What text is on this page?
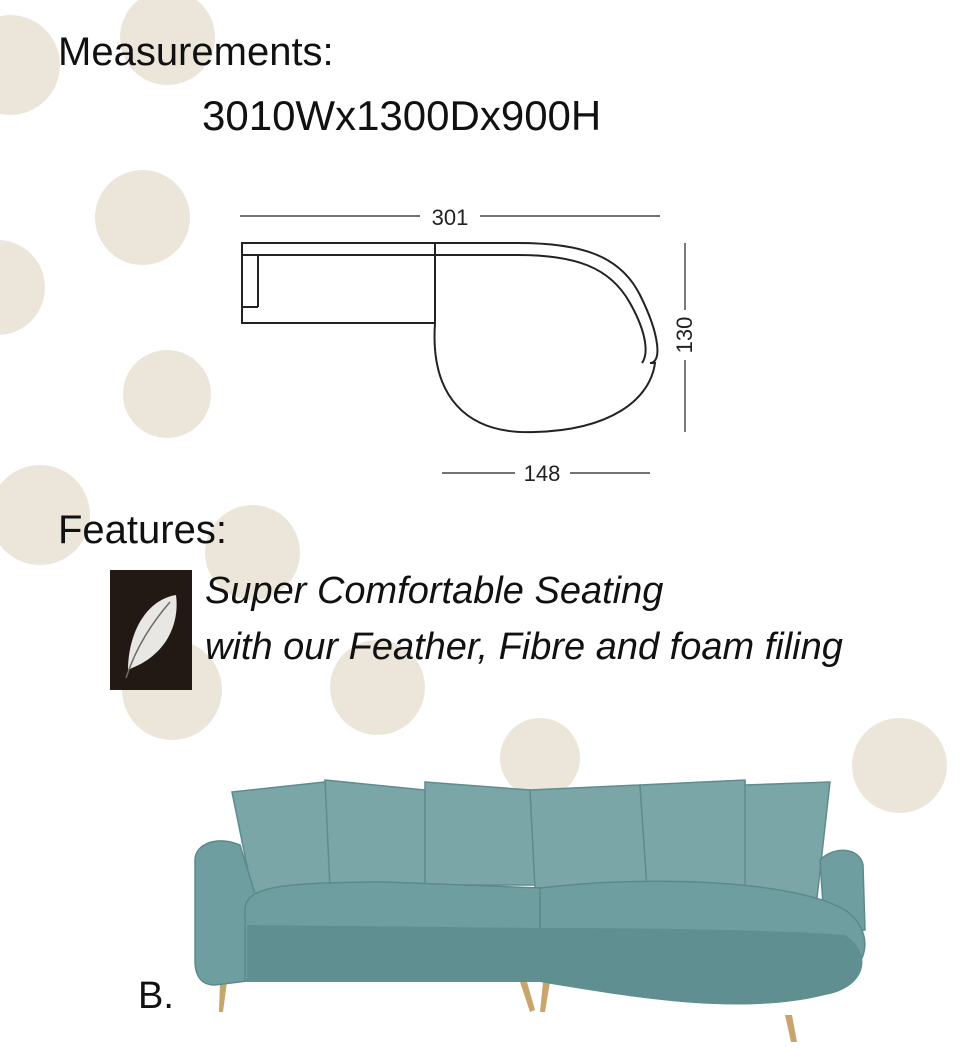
Measurements:
3010Wx1300Dx900H
301
130
148
Features:
Super Comfortable Seating
with our Feather, Fibre and foam filing
B.
